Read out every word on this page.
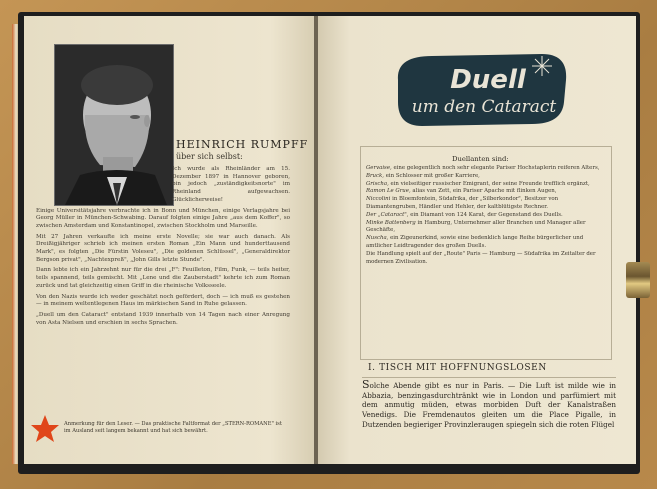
HEINRICH RUMPFF
über sich selbst:

Ich wurde als Rheinländer am 15. Dezember 1897 in Hannover geboren, bin jedoch „zuständigkeitsnorte" im Rheinland aufgewachsen. Glücklicherweise!

Einige Universitätsjahre verbrachte ich in Bonn und München, einige Verlagsjahre bei Georg Müller in München-Schwabing. Darauf folgten einige Jahre „aus dem Koffer", so zwischen Amsterdam und Konstantinopel, zwischen Stockholm und Marseille.

Mit 27 Jahren verkaufte ich meine erste Novelle; sie war auch danach. Als Dreißigjähriger schrieb ich meinen ersten Roman „Ein Mann und hunderttausend Mark", es folgten „Die Fürstin Voleseu", „Die goldenen Schlüssel", „Generaldirektor Bergson privat", „Nachtexpreß", „John Gills letzte Stunde".

Dann lebte ich ein Jahrzehnt nur für die drei „F": Feuilleton, Film, Funk, — teils heiter, teils spannend, teils gemischt. Mit „Lene und die Zauberstadt" kehrte ich zum Roman zurück und tat gleichzeitig einen Griff in die rheinische Volksseele.

Von den Nazis wurde ich weder geschätzt noch gefördert, doch — ich muß es gestehen — in meinem weltentlegenen Haus im märkischen Sand in Ruhe gelassen.

„Duell um den Cataract" entstand 1939 innerhalb von 14 Tagen nach einer Anregung von Asta Nielsen und erschien in sechs Sprachen.

Anmerkung für den Leser. — Das praktische Faltformat der „STERN-ROMANE" ist im Ausland seit langem bekannt und hat sich bewährt.
Duell
um den Cataract
Duellanten sind:
Gervaise, eine gelegentlich noch sehr elegante Pariser Hochstaplerin reiferen Alters,
Bruck, ein Schlosser mit großer Karriere,
Grischa, ein vielseitiger russischer Emigrant, der seine Freunde trefflich ergänzt,
Ramon Le Grue, alias van Zett, ein Pariser Apache mit flinken Augen,
Niccolini in Bloemfontein, Südafrika, der „Silberkondor", Besitzer von Diamantengruben, Händler und Hehler, der kaltblütigste Rechner.
Der „Cataract", ein Diamant von 124 Karat, der Gegenstand des Duells.
Minke Battenberg in Hamburg, Unternehmer aller Branchen und Manager aller Geschäfte,
Nuscha, ein Zigeunerkind, sowie eine bedenklich lange Reihe bürgerlicher und amtlicher Leidtragender des großen Duells.
Die Handlung spielt auf der „Route" Paris — Hamburg — Südafrika im Zeitalter der modernen Zivilisation.
I. TISCH MIT HOFFNUNGSLOSEN
Solche Abende gibt es nur in Paris. — Die Luft ist milde wie in Abbazia, benzingasdurchtränkt wie in London und parfümiert mit dem anmutig müden, etwas morbiden Duft der Kanalstraßen Venedigs. Die Fremdenautos gleiten um die Place Pigalle, in Dutzenden begieriger Provinzleraugen spiegeln sich die roten Flügel
